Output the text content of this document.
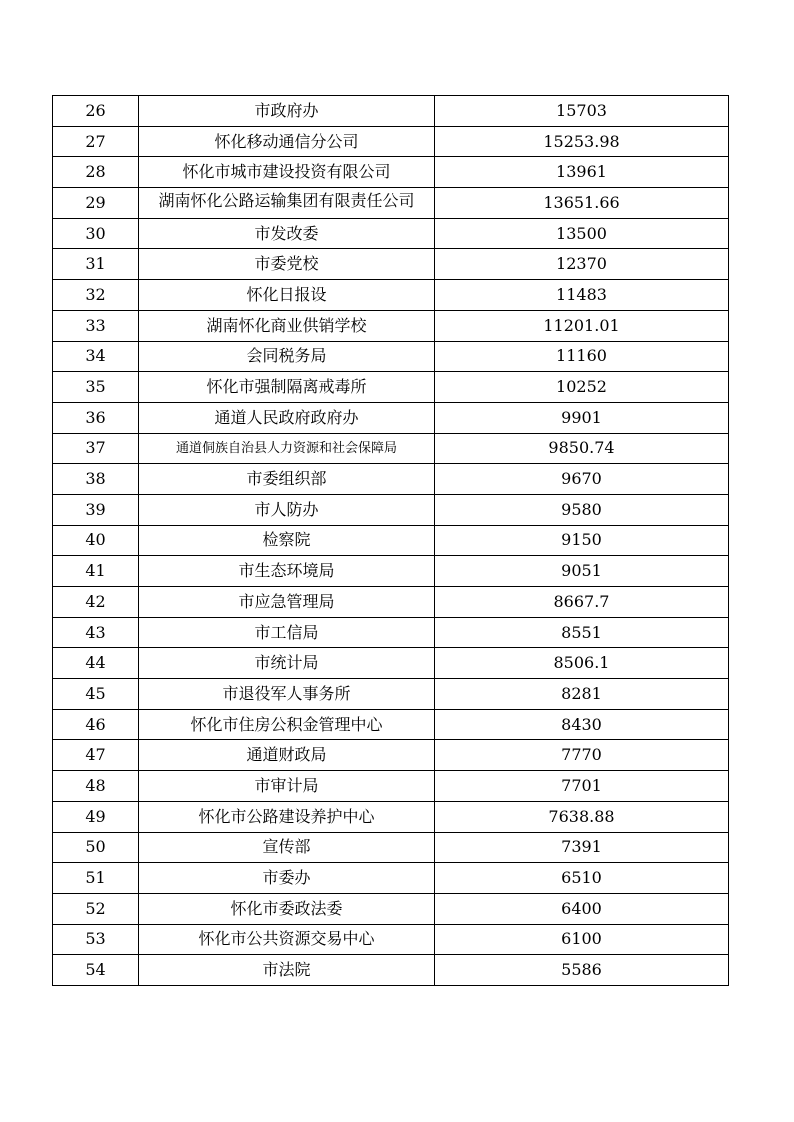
26	市政府办	15703
27	怀化移动通信分公司	15253.98
28	怀化市城市建设投资有限公司	13961
29	湖南怀化公路运输集团有限责任公司	13651.66
30	市发改委	13500
31	市委党校	12370
32	怀化日报设	11483
33	湖南怀化商业供销学校	11201.01
34	会同税务局	11160
35	怀化市强制隔离戒毒所	10252
36	通道人民政府政府办	9901
37	通道侗族自治县人力资源和社会保障局	9850.74
38	市委组织部	9670
39	市人防办	9580
40	检察院	9150
41	市生态环境局	9051
42	市应急管理局	8667.7
43	市工信局	8551
44	市统计局	8506.1
45	市退役军人事务所	8281
46	怀化市住房公积金管理中心	8430
47	通道财政局	7770
48	市审计局	7701
49	怀化市公路建设养护中心	7638.88
50	宣传部	7391
51	市委办	6510
52	怀化市委政法委	6400
53	怀化市公共资源交易中心	6100
54	市法院	5586
